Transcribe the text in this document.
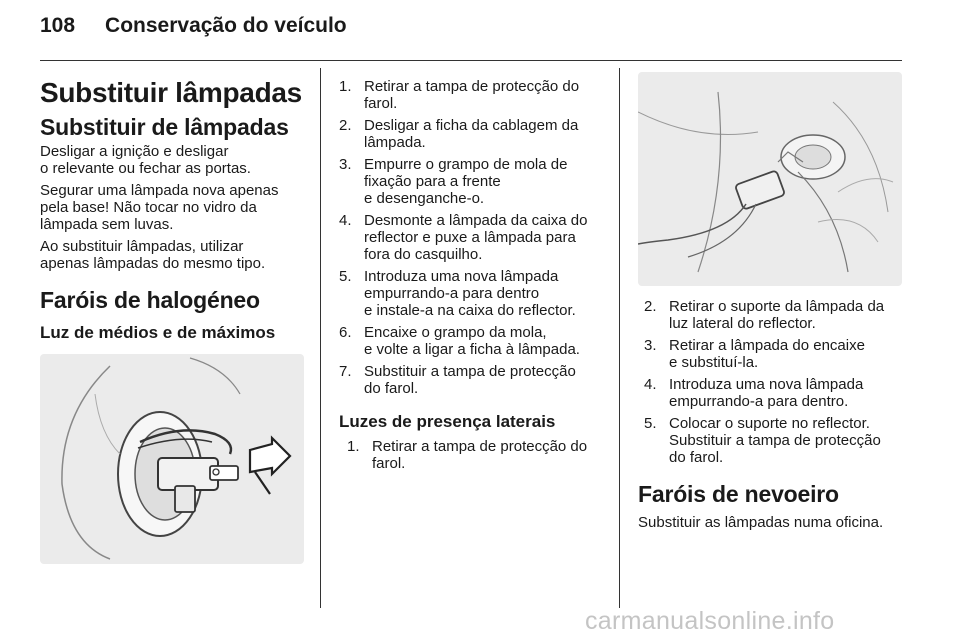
108 Conservação do veículo
Substituir lâmpadas
Substituir de lâmpadas

Desligar a ignição e desligar
o relevante ou fechar as portas.

Segurar uma lâmpada nova apenas
pela base! Não tocar no vidro da
lâmpada sem luvas.

Ao substituir lâmpadas, utilizar
apenas lâmpadas do mesmo tipo.

Faróis de halogéneo
Luz de médios e de máximos
1. Retirar a tampa de protecção do
farol.
2. Desligar a ficha da cablagem da
lâmpada.
3. Empurre o grampo de mola de
fixação para a frente
e desenganche-o.
4. Desmonte a lâmpada da caixa do
reflector e puxe a lâmpada para
fora do casquilho.
5. Introduza uma nova lâmpada
empurrando-a para dentro
e instale-a na caixa do reflector.
6. Encaixe o grampo da mola,
e volte a ligar a ficha à lâmpada.
7. Substituir a tampa de protecção
do farol.
Luzes de presença laterais
1. Retirar a tampa de protecção do
farol.
2. Retirar o suporte da lâmpada da
luz lateral do reflector.
3. Retirar a lâmpada do encaixe
e substituí-la.
4. Introduza uma nova lâmpada
empurrando-a para dentro.
5. Colocar o suporte no reflector.
Substituir a tampa de protecção
do farol.
Faróis de nevoeiro

Substituir as lâmpadas numa oficina.

carmanualsonline.info
